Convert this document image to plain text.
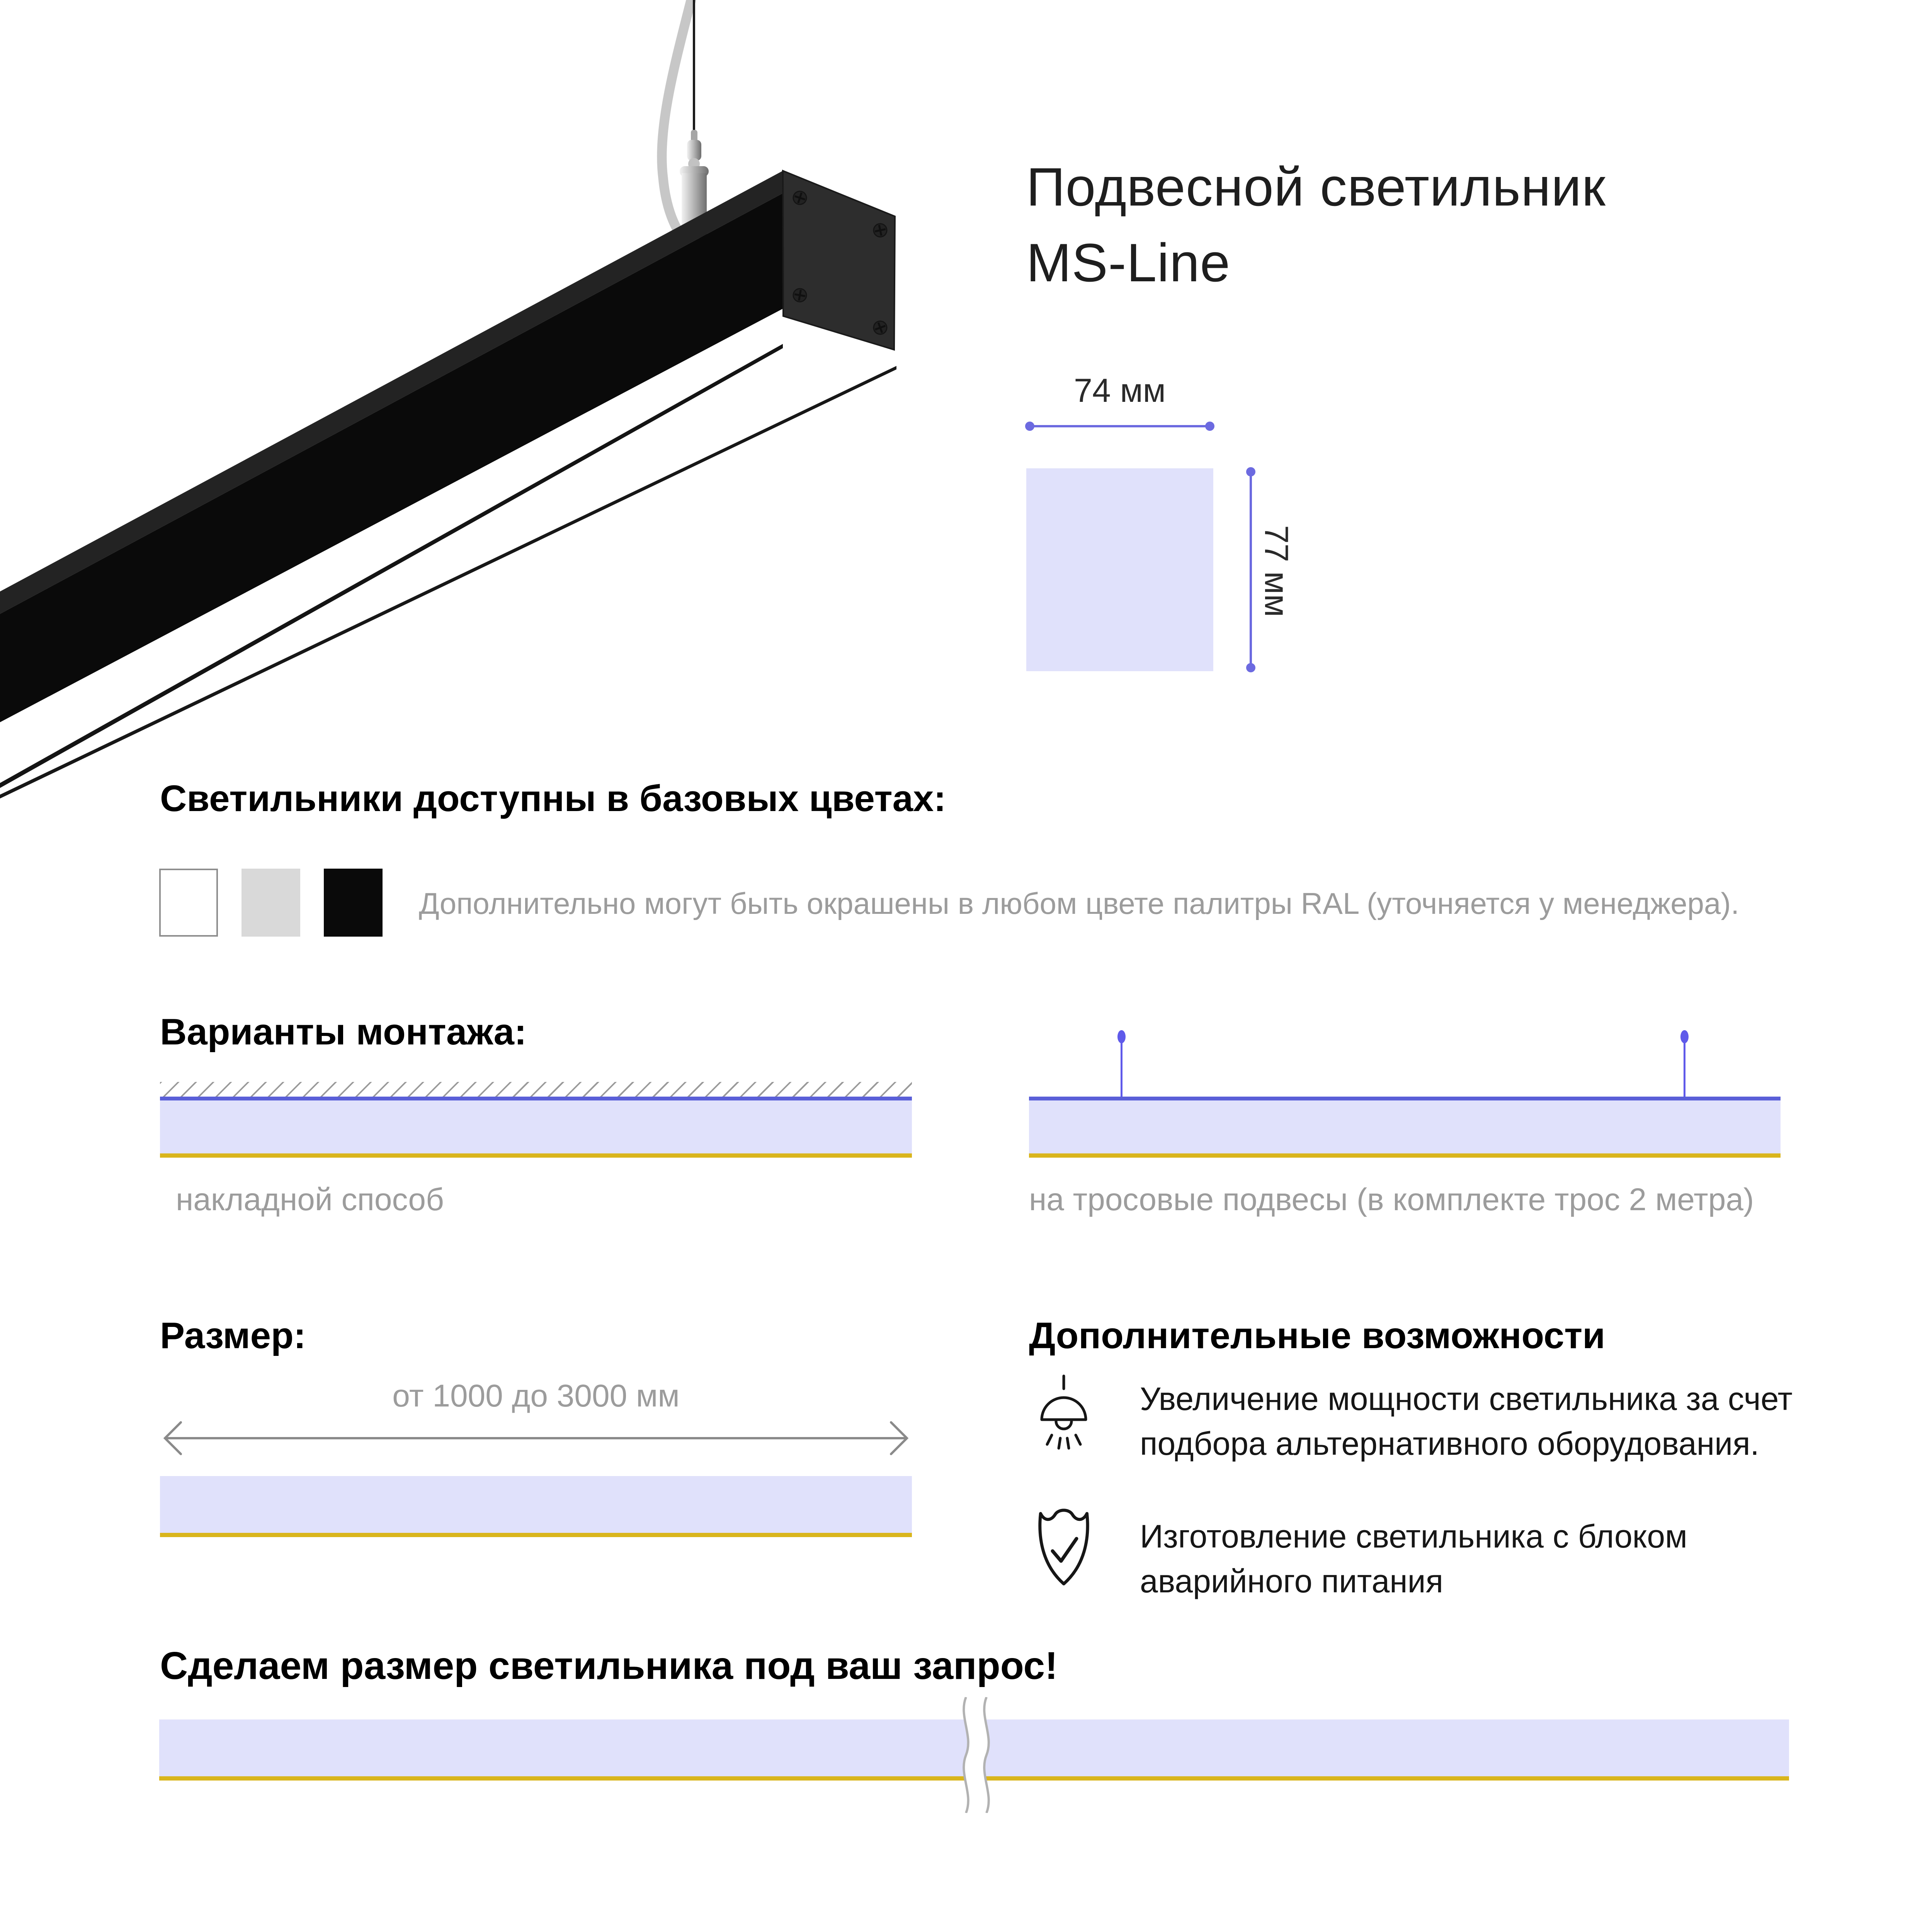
Подвесной светильник
MS-Line
74 мм
77 мм
Светильники доступны в базовых цветах:
Дополнительно могут быть окрашены в любом цвете палитры RAL (уточняется у менеджера).
Варианты монтажа:
накладной способ	на тросовые подвесы (в комплекте трос 2 метра)
Размер:
от 1000 до 3000 мм
Дополнительные возможности
Увеличение мощности светильника за счет подбора альтернативного оборудования.
Изготовление светильника с блоком аварийного питания
Сделаем размер светильника под ваш запрос!
